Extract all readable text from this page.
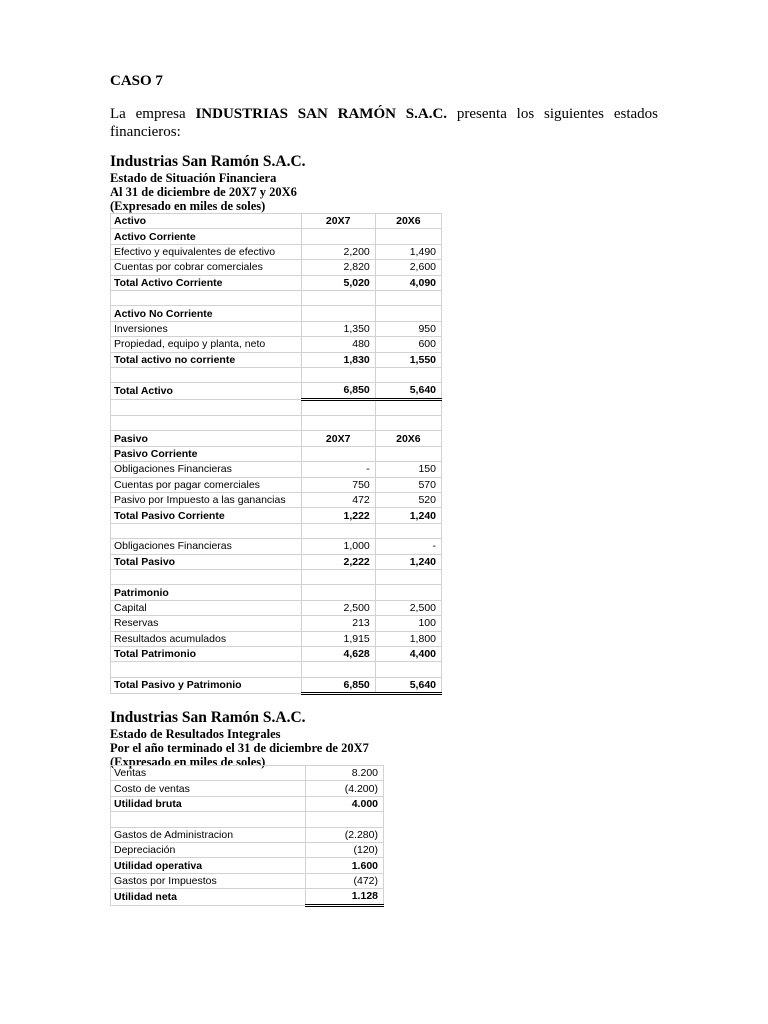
CASO 7
La empresa INDUSTRIAS SAN RAMÓN S.A.C. presenta los siguientes estados financieros:
Industrias San Ramón S.A.C.
Estado de Situación Financiera
Al 31 de diciembre de 20X7 y 20X6
(Expresado en miles de soles)
Activo	20X7	20X6
Activo Corriente		
Efectivo y equivalentes de efectivo	2,200	1,490
Cuentas por cobrar comerciales	2,820	2,600
Total Activo Corriente	5,020	4,090

Activo No Corriente		
Inversiones	1,350	950
Propiedad, equipo y planta, neto	480	600
Total activo no corriente	1,830	1,550

Total Activo	6,850	5,640

Pasivo	20X7	20X6
Pasivo Corriente		
Obligaciones Financieras	-	150
Cuentas por pagar comerciales	750	570
Pasivo por Impuesto a las ganancias	472	520
Total Pasivo Corriente	1,222	1,240

Obligaciones Financieras	1,000	-
Total Pasivo	2,222	1,240

Patrimonio		
Capital	2,500	2,500
Reservas	213	100
Resultados acumulados	1,915	1,800
Total Patrimonio	4,628	4,400

Total Pasivo y Patrimonio	6,850	5,640
Industrias San Ramón S.A.C.
Estado de Resultados Integrales
Por el año terminado el 31 de diciembre de 20X7
(Expresado en miles de soles)
Ventas	8.200
Costo de ventas	(4.200)
Utilidad bruta	4.000

Gastos de Administracion	(2.280)
Depreciación	(120)
Utilidad operativa	1.600
Gastos por Impuestos	(472)
Utilidad neta	1.128
